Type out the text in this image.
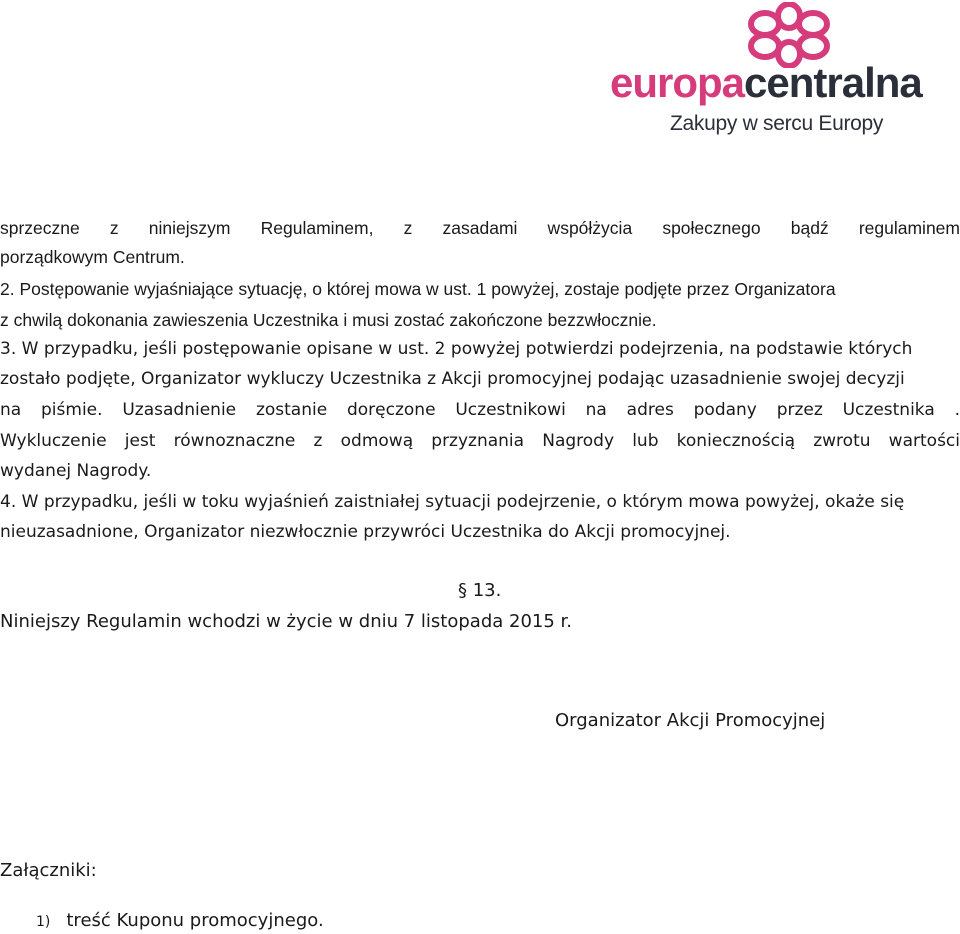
europacentralna
Zakupy w sercu Europy
sprzeczne z niniejszym Regulaminem, z zasadami współżycia społecznego bądź regulaminem
porządkowym Centrum.
2. Postępowanie wyjaśniające sytuację, o której mowa w ust. 1 powyżej, zostaje podjęte przez Organizatora
z chwilą dokonania zawieszenia Uczestnika i musi zostać zakończone bezzwłocznie.
3. W przypadku, jeśli postępowanie opisane w ust. 2 powyżej potwierdzi podejrzenia, na podstawie których
zostało podjęte, Organizator wykluczy Uczestnika z Akcji promocyjnej podając uzasadnienie swojej decyzji
na piśmie. Uzasadnienie zostanie doręczone Uczestnikowi na adres podany przez Uczestnika .
Wykluczenie jest równoznaczne z odmową przyznania Nagrody lub koniecznością zwrotu wartości
wydanej Nagrody.
4. W przypadku, jeśli w toku wyjaśnień zaistniałej sytuacji podejrzenie, o którym mowa powyżej, okaże się
nieuzasadnione, Organizator niezwłocznie przywróci Uczestnika do Akcji promocyjnej.
§ 13.
Niniejszy Regulamin wchodzi w życie w dniu 7 listopada 2015 r.
Organizator Akcji Promocyjnej
Załączniki:
1) treść Kuponu promocyjnego.
